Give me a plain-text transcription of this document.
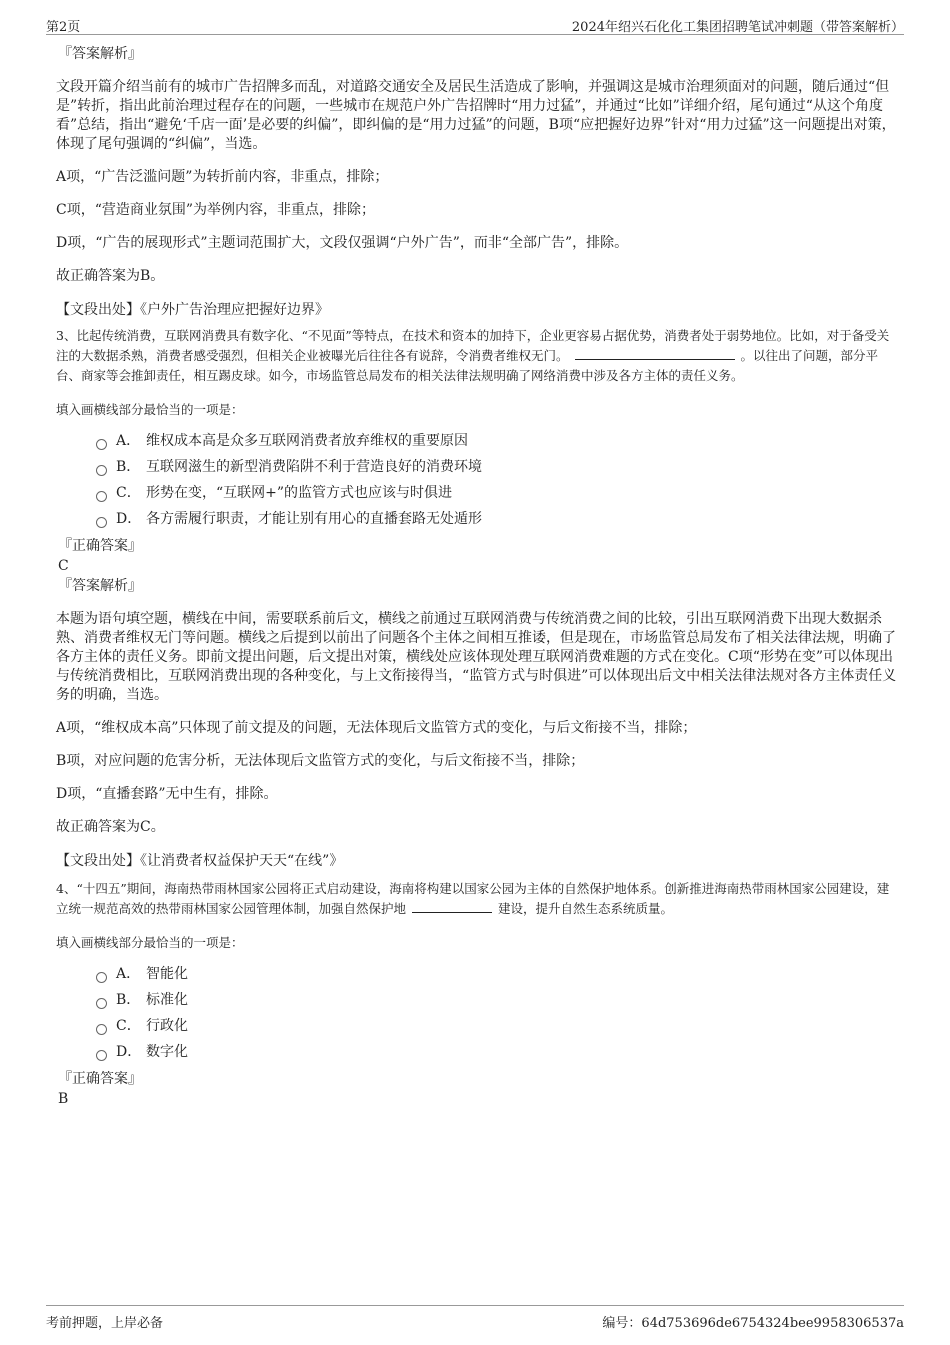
第2页	2024年绍兴石化化工集团招聘笔试冲刺题（带答案解析）
『答案解析』

文段开篇介绍当前有的城市广告招牌多而乱，对道路交通安全及居民生活造成了影响，并强调这是城市治理须面对的问题，随后通过“但是”转折，指出此前治理过程存在的问题，一些城市在规范户外广告招牌时“用力过猛”，并通过“比如”详细介绍，尾句通过“从这个角度看”总结，指出“避免‘千店一面’是必要的纠偏”，即纠偏的是“用力过猛”的问题，B项“应把握好边界”针对“用力过猛”这一问题提出对策，体现了尾句强调的“纠偏”，当选。

A项，“广告泛滥问题”为转折前内容，非重点，排除；

C项，“营造商业氛围”为举例内容，非重点，排除；

D项，“广告的展现形式”主题词范围扩大，文段仅强调“户外广告”，而非“全部广告”，排除。

故正确答案为B。

【文段出处】《户外广告治理应把握好边界》

3、比起传统消费，互联网消费具有数字化、“不见面”等特点，在技术和资本的加持下，企业更容易占据优势，消费者处于弱势地位。比如，对于备受关注的大数据杀熟，消费者感受强烈，但相关企业被曝光后往往各有说辞，令消费者维权无门。	。以往出了问题，部分平台、商家等会推卸责任，相互踢皮球。如今，市场监管总局发布的相关法律法规明确了网络消费中涉及各方主体的责任义务。

填入画横线部分最恰当的一项是：

A． 维权成本高是众多互联网消费者放弃维权的重要原因
B． 互联网滋生的新型消费陷阱不利于营造良好的消费环境
C． 形势在变，“互联网+”的监管方式也应该与时俱进
D． 各方需履行职责，才能让别有用心的直播套路无处遁形
『正确答案』
C
『答案解析』

本题为语句填空题，横线在中间，需要联系前后文，横线之前通过互联网消费与传统消费之间的比较，引出互联网消费下出现大数据杀熟、消费者维权无门等问题。横线之后提到以前出了问题各个主体之间相互推诿，但是现在，市场监管总局发布了相关法律法规，明确了各方主体的责任义务。即前文提出问题，后文提出对策，横线处应该体现处理互联网消费难题的方式在变化。C项“形势在变”可以体现出与传统消费相比，互联网消费出现的各种变化，与上文衔接得当，“监管方式与时俱进”可以体现出后文中相关法律法规对各方主体责任义务的明确，当选。

A项，“维权成本高”只体现了前文提及的问题，无法体现后文监管方式的变化，与后文衔接不当，排除；

B项，对应问题的危害分析，无法体现后文监管方式的变化，与后文衔接不当，排除；

D项，“直播套路”无中生有，排除。

故正确答案为C。

【文段出处】《让消费者权益保护天天“在线”》

4、“十四五”期间，海南热带雨林国家公园将正式启动建设，海南将构建以国家公园为主体的自然保护地体系。创新推进海南热带雨林国家公园建设，建立统一规范高效的热带雨林国家公园管理体制，加强自然保护地	建设，提升自然生态系统质量。

填入画横线部分最恰当的一项是：

A． 智能化
B． 标准化
C． 行政化
D． 数字化
『正确答案』
B
考前押题，上岸必备	编号：64d753696de6754324bee9958306537a
